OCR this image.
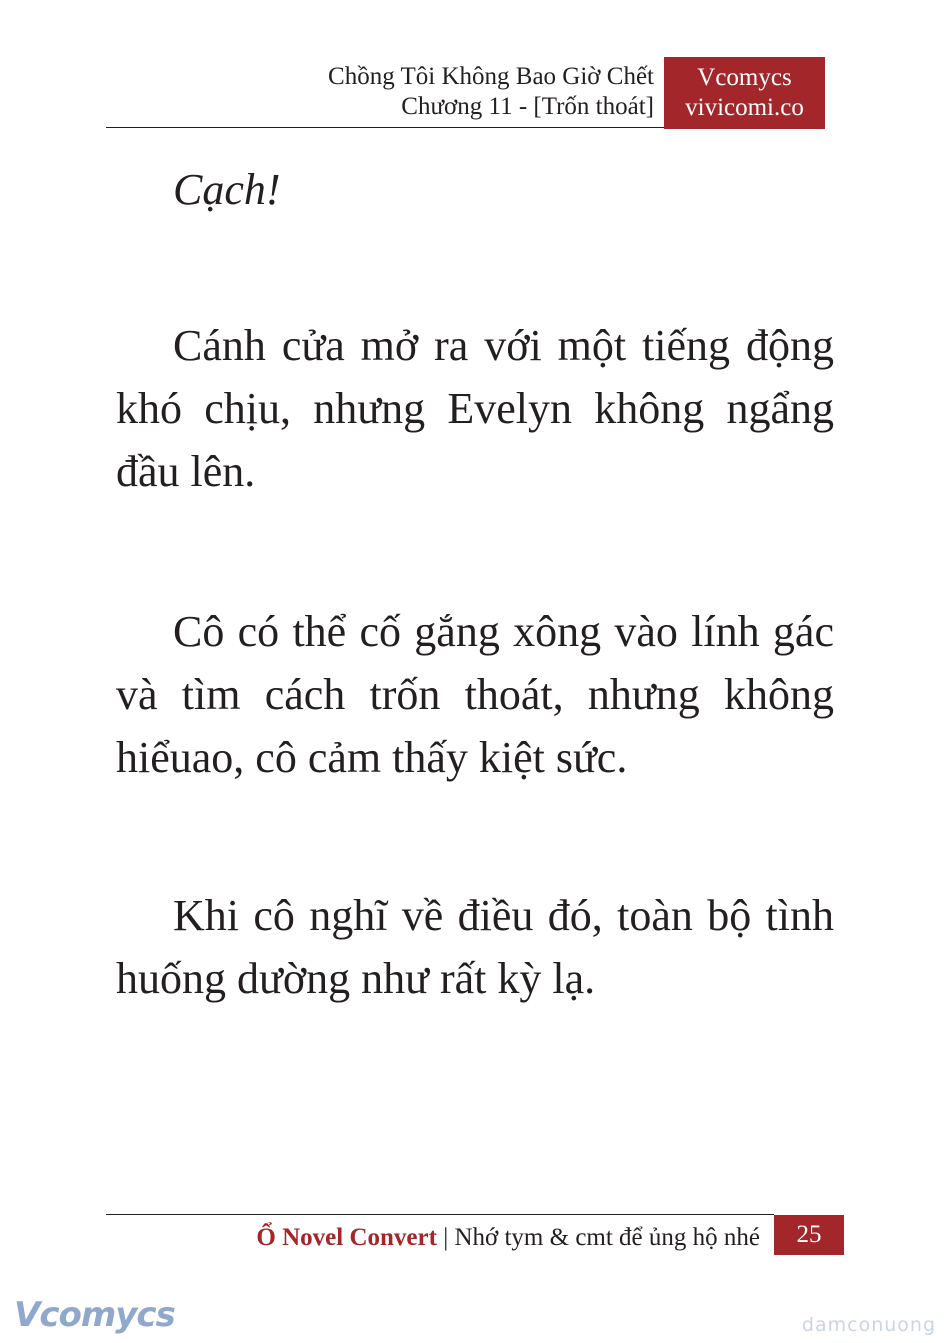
Chồng Tôi Không Bao Giờ Chết
Chương 11 - [Trốn thoát]
Vcomycs
vivicomi.co

Cạch!

Cánh cửa mở ra với một tiếng động khó chịu, nhưng Evelyn không ngẩng đầu lên.

Cô có thể cố gắng xông vào lính gác và tìm cách trốn thoát, nhưng không hiểuao, cô cảm thấy kiệt sức.

Khi cô nghĩ về điều đó, toàn bộ tình huống dường như rất kỳ lạ.

Ổ Novel Convert | Nhớ tym & cmt để ủng hộ nhé	25
Vcomycs	damconuong
